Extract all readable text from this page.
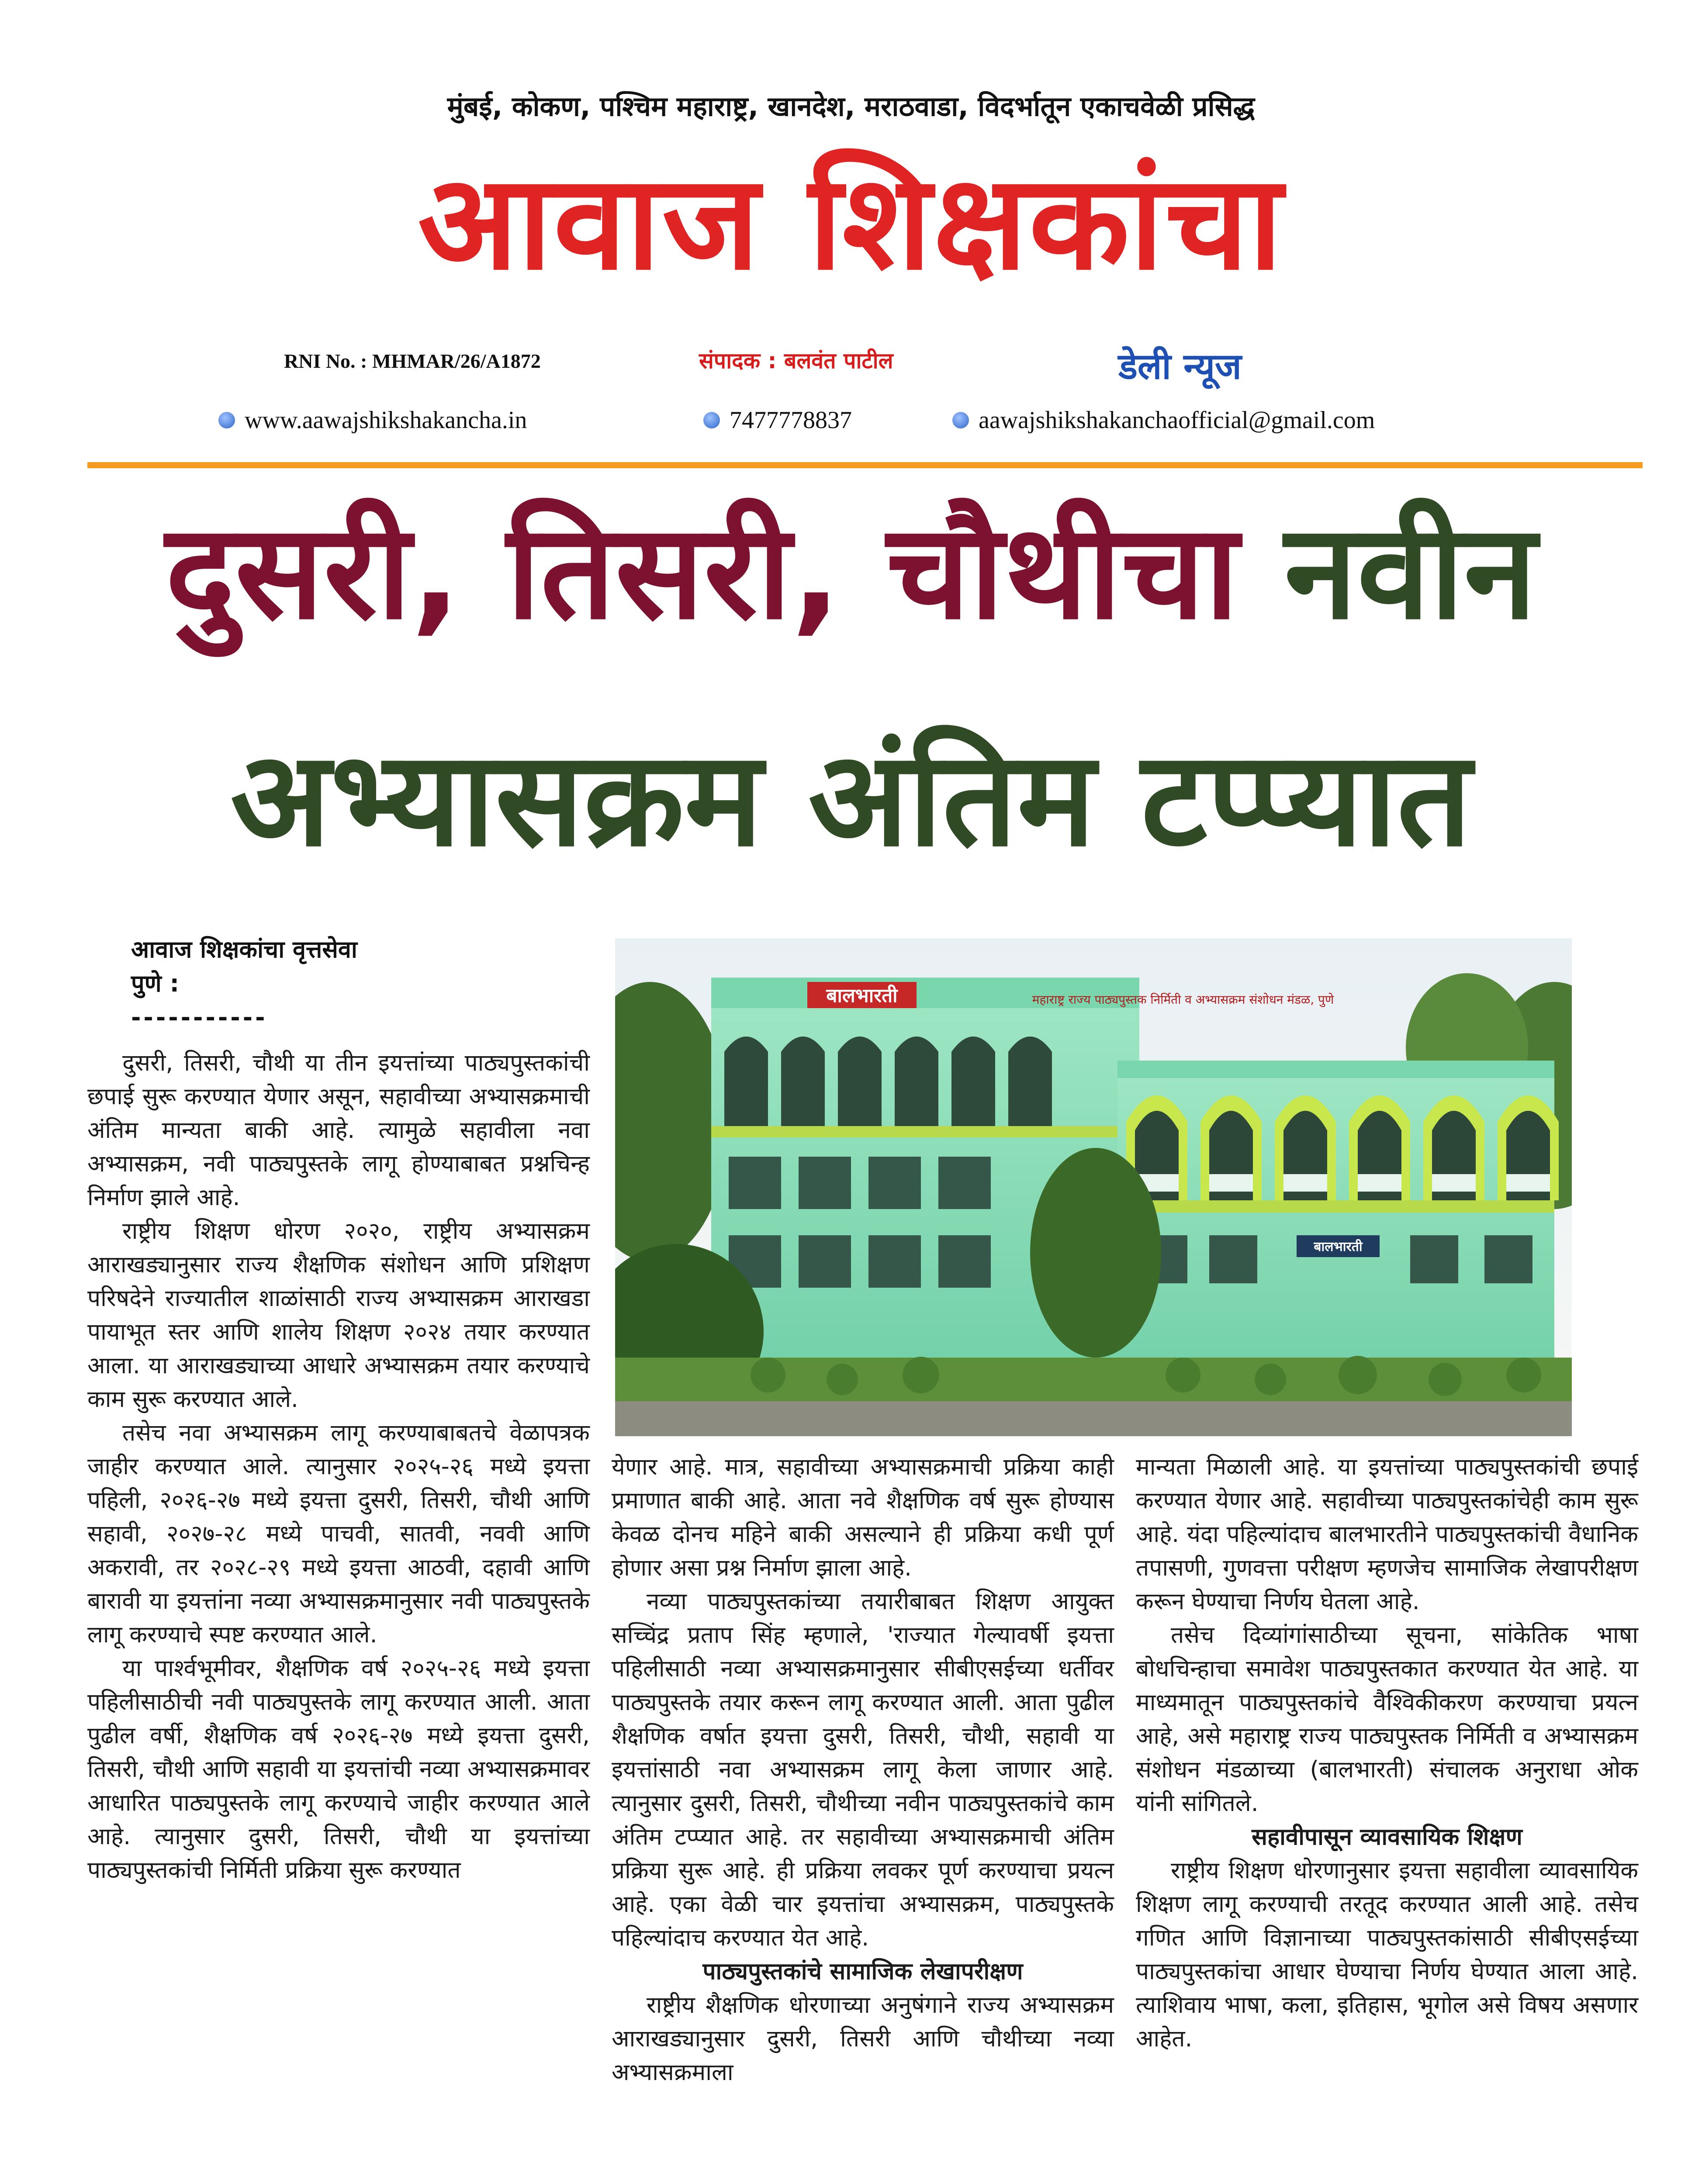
मुंबई, कोकण, पश्चिम महाराष्ट्र, खानदेश, मराठवाडा, विदर्भातून एकाचवेळी प्रसिद्ध
आवाज शिक्षकांचा
RNI No. : MHMAR/26/A1872	संपादक : बलवंत पाटील	डेली न्यूज
www.aawajshikshakancha.in	7477778837	aawajshikshakanchaofficial@gmail.com
दुसरी, तिसरी, चौथीचा नवीन
अभ्यासक्रम अंतिम टप्प्यात
आवाज शिक्षकांचा वृत्तसेवा
पुणे :
-----------
बालभारती	महाराष्ट्र राज्य पाठ्यपुस्तक निर्मिती व अभ्यासक्रम संशोधन मंडळ, पुणे
बालभारती

दुसरी, तिसरी, चौथी या तीन इयत्तांच्या पाठ्यपुस्तकांची छपाई सुरू करण्यात येणार असून, सहावीच्या अभ्यासक्रमाची अंतिम मान्यता बाकी आहे. त्यामुळे सहावीला नवा अभ्यासक्रम, नवी पाठ्यपुस्तके लागू होण्याबाबत प्रश्नचिन्ह निर्माण झाले आहे.

राष्ट्रीय शिक्षण धोरण २०२०, राष्ट्रीय अभ्यासक्रम आराखड्यानुसार राज्य शैक्षणिक संशोधन आणि प्रशिक्षण परिषदेने राज्यातील शाळांसाठी राज्य अभ्यासक्रम आराखडा पायाभूत स्तर आणि शालेय शिक्षण २०२४ तयार करण्यात आला. या आराखड्याच्या आधारे अभ्यासक्रम तयार करण्याचे काम सुरू करण्यात आले.

तसेच नवा अभ्यासक्रम लागू करण्याबाबतचे वेळापत्रक जाहीर करण्यात आले. त्यानुसार २०२५-२६ मध्ये इयत्ता पहिली, २०२६-२७ मध्ये इयत्ता दुसरी, तिसरी, चौथी आणि सहावी, २०२७-२८ मध्ये पाचवी, सातवी, नववी आणि अकरावी, तर २०२८-२९ मध्ये इयत्ता आठवी, दहावी आणि बारावी या इयत्तांना नव्या अभ्यासक्रमानुसार नवी पाठ्यपुस्तके लागू करण्याचे स्पष्ट करण्यात आले.

या पार्श्वभूमीवर, शैक्षणिक वर्ष २०२५-२६ मध्ये इयत्ता पहिलीसाठीची नवी पाठ्यपुस्तके लागू करण्यात आली. आता पुढील वर्षी, शैक्षणिक वर्ष २०२६-२७ मध्ये इयत्ता दुसरी, तिसरी, चौथी आणि सहावी या इयत्तांची नव्या अभ्यासक्रमावर आधारित पाठ्यपुस्तके लागू करण्याचे जाहीर करण्यात आले आहे. त्यानुसार दुसरी, तिसरी, चौथी या इयत्तांच्या पाठ्यपुस्तकांची निर्मिती प्रक्रिया सुरू करण्यात

येणार आहे. मात्र, सहावीच्या अभ्यासक्रमाची प्रक्रिया काही प्रमाणात बाकी आहे. आता नवे शैक्षणिक वर्ष सुरू होण्यास केवळ दोनच महिने बाकी असल्याने ही प्रक्रिया कधी पूर्ण होणार असा प्रश्न निर्माण झाला आहे.

नव्या पाठ्यपुस्तकांच्या तयारीबाबत शिक्षण आयुक्त सच्चिंद्र प्रताप सिंह म्हणाले, 'राज्यात गेल्यावर्षी इयत्ता पहिलीसाठी नव्या अभ्यासक्रमानुसार सीबीएसईच्या धर्तीवर पाठ्यपुस्तके तयार करून लागू करण्यात आली. आता पुढील शैक्षणिक वर्षात इयत्ता दुसरी, तिसरी, चौथी, सहावी या इयत्तांसाठी नवा अभ्यासक्रम लागू केला जाणार आहे. त्यानुसार दुसरी, तिसरी, चौथीच्या नवीन पाठ्यपुस्तकांचे काम अंतिम टप्प्यात आहे. तर सहावीच्या अभ्यासक्रमाची अंतिम प्रक्रिया सुरू आहे. ही प्रक्रिया लवकर पूर्ण करण्याचा प्रयत्न आहे. एका वेळी चार इयत्तांचा अभ्यासक्रम, पाठ्यपुस्तके पहिल्यांदाच करण्यात येत आहे.

पाठ्यपुस्तकांचे सामाजिक लेखापरीक्षण

राष्ट्रीय शैक्षणिक धोरणाच्या अनुषंगाने राज्य अभ्यासक्रम आराखड्यानुसार दुसरी, तिसरी आणि चौथीच्या नव्या अभ्यासक्रमाला

मान्यता मिळाली आहे. या इयत्तांच्या पाठ्यपुस्तकांची छपाई करण्यात येणार आहे. सहावीच्या पाठ्यपुस्तकांचेही काम सुरू आहे. यंदा पहिल्यांदाच बालभारतीने पाठ्यपुस्तकांची वैधानिक तपासणी, गुणवत्ता परीक्षण म्हणजेच सामाजिक लेखापरीक्षण करून घेण्याचा निर्णय घेतला आहे.

तसेच दिव्यांगांसाठीच्या सूचना, सांकेतिक भाषा बोधचिन्हाचा समावेश पाठ्यपुस्तकात करण्यात येत आहे. या माध्यमातून पाठ्यपुस्तकांचे वैश्विकीकरण करण्याचा प्रयत्न आहे, असे महाराष्ट्र राज्य पाठ्यपुस्तक निर्मिती व अभ्यासक्रम संशोधन मंडळाच्या (बालभारती) संचालक अनुराधा ओक यांनी सांगितले.

सहावीपासून व्यावसायिक शिक्षण

राष्ट्रीय शिक्षण धोरणानुसार इयत्ता सहावीला व्यावसायिक शिक्षण लागू करण्याची तरतूद करण्यात आली आहे. तसेच गणित आणि विज्ञानाच्या पाठ्यपुस्तकांसाठी सीबीएसईच्या पाठ्यपुस्तकांचा आधार घेण्याचा निर्णय घेण्यात आला आहे. त्याशिवाय भाषा, कला, इतिहास, भूगोल असे विषय असणार आहेत.
